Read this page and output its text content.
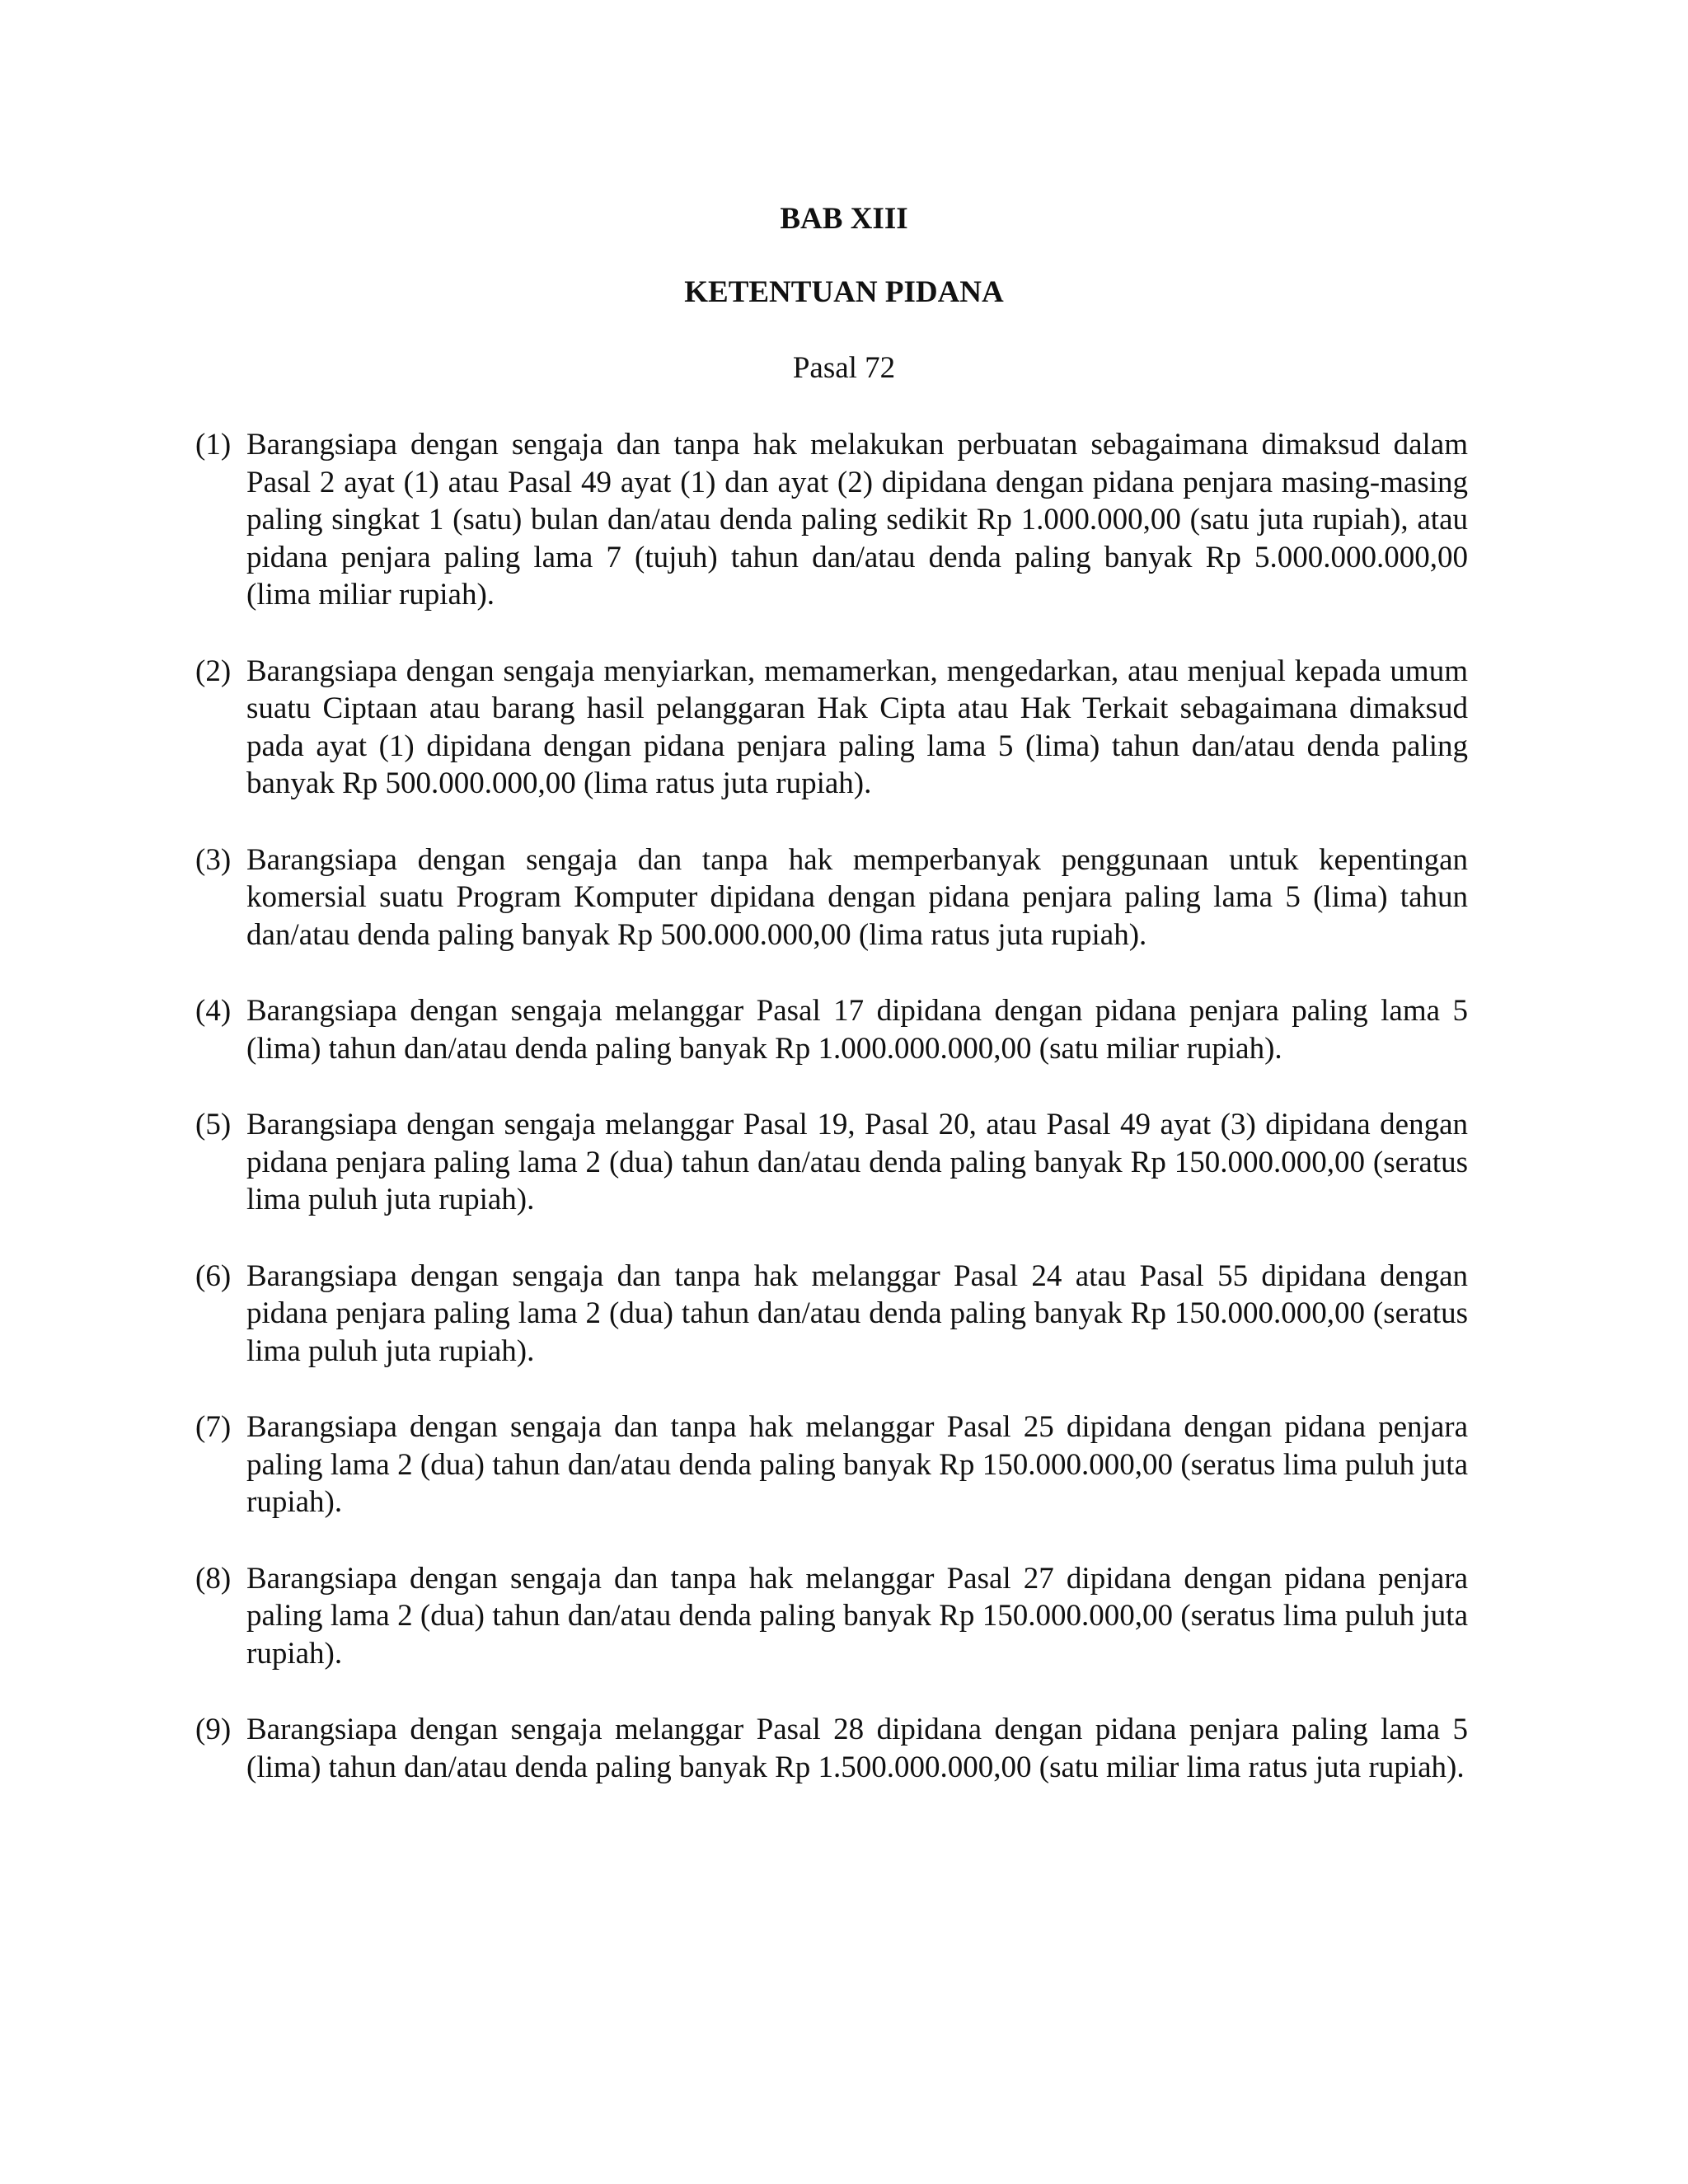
BAB XIII
KETENTUAN PIDANA
Pasal 72
(1) Barangsiapa dengan sengaja dan tanpa hak melakukan perbuatan sebagaimana dimaksud dalam Pasal 2 ayat (1) atau Pasal 49 ayat (1) dan ayat (2) dipidana dengan pidana penjara masing-masing paling singkat 1 (satu) bulan dan/atau denda paling sedikit Rp 1.000.000,00 (satu juta rupiah), atau pidana penjara paling lama 7 (tujuh) tahun dan/atau denda paling banyak Rp 5.000.000.000,00 (lima miliar rupiah).
(2) Barangsiapa dengan sengaja menyiarkan, memamerkan, mengedarkan, atau menjual kepada umum suatu Ciptaan atau barang hasil pelanggaran Hak Cipta atau Hak Terkait sebagaimana dimaksud pada ayat (1) dipidana dengan pidana penjara paling lama 5 (lima) tahun dan/atau denda paling banyak Rp 500.000.000,00 (lima ratus juta rupiah).
(3) Barangsiapa dengan sengaja dan tanpa hak memperbanyak penggunaan untuk kepentingan komersial suatu Program Komputer dipidana dengan pidana penjara paling lama 5 (lima) tahun dan/atau denda paling banyak Rp 500.000.000,00 (lima ratus juta rupiah).
(4) Barangsiapa dengan sengaja melanggar Pasal 17 dipidana dengan pidana penjara paling lama 5 (lima) tahun dan/atau denda paling banyak Rp 1.000.000.000,00 (satu miliar rupiah).
(5) Barangsiapa dengan sengaja melanggar Pasal 19, Pasal 20, atau Pasal 49 ayat (3) dipidana dengan pidana penjara paling lama 2 (dua) tahun dan/atau denda paling banyak Rp 150.000.000,00 (seratus lima puluh juta rupiah).
(6) Barangsiapa dengan sengaja dan tanpa hak melanggar Pasal 24 atau Pasal 55 dipidana dengan pidana penjara paling lama 2 (dua) tahun dan/atau denda paling banyak Rp 150.000.000,00 (seratus lima puluh juta rupiah).
(7) Barangsiapa dengan sengaja dan tanpa hak melanggar Pasal 25 dipidana dengan pidana penjara paling lama 2 (dua) tahun dan/atau denda paling banyak Rp 150.000.000,00 (seratus lima puluh juta rupiah).
(8) Barangsiapa dengan sengaja dan tanpa hak melanggar Pasal 27 dipidana dengan pidana penjara paling lama 2 (dua) tahun dan/atau denda paling banyak Rp 150.000.000,00 (seratus lima puluh juta rupiah).
(9) Barangsiapa dengan sengaja melanggar Pasal 28 dipidana dengan pidana penjara paling lama 5 (lima) tahun dan/atau denda paling banyak Rp 1.500.000.000,00 (satu miliar lima ratus juta rupiah).
